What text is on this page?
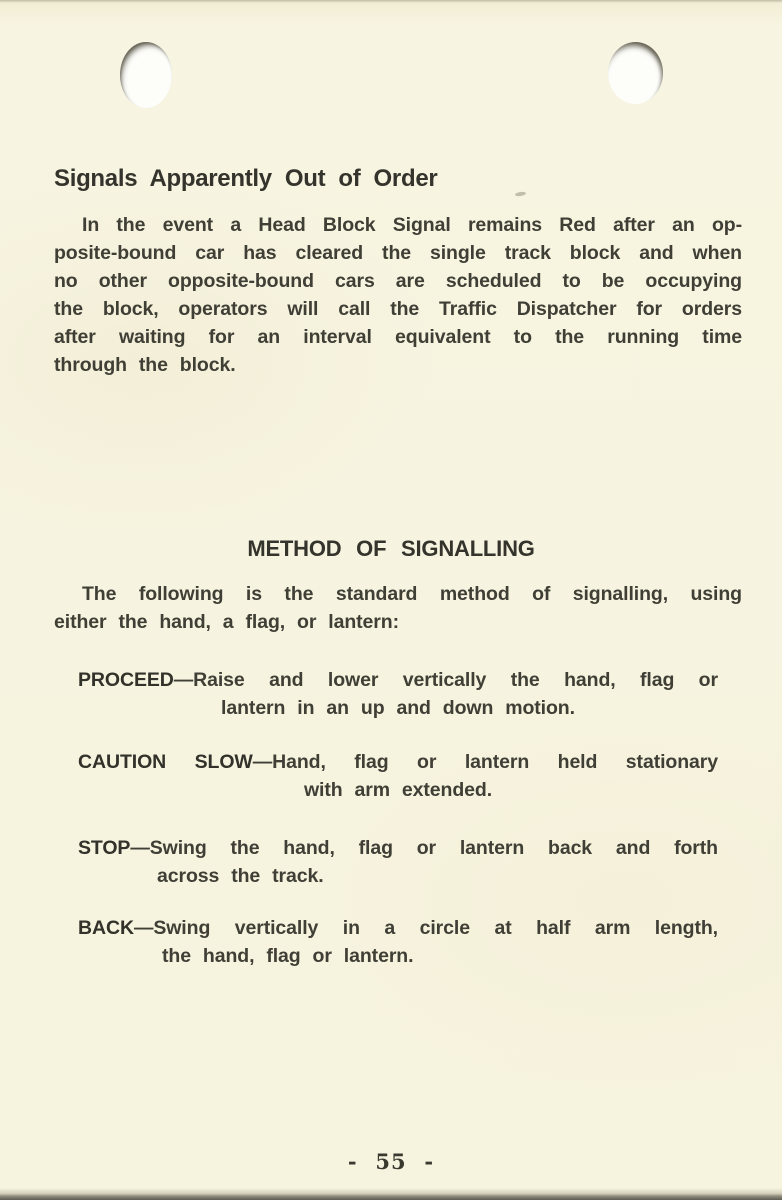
Signals Apparently Out of Order
In the event a Head Block Signal remains Red after an op-
posite-bound car has cleared the single track block and when
no other opposite-bound cars are scheduled to be occupying
the block, operators will call the Traffic Dispatcher for orders
after waiting for an interval equivalent to the running time
through the block.
METHOD OF SIGNALLING
The following is the standard method of signalling, using
either the hand, a flag, or lantern:
PROCEED—Raise and lower vertically the hand, flag or
lantern in an up and down motion.
CAUTION SLOW—Hand, flag or lantern held stationary
with arm extended.
STOP—Swing the hand, flag or lantern back and forth
across the track.
BACK—Swing vertically in a circle at half arm length,
the hand, flag or lantern.
- 55 -
